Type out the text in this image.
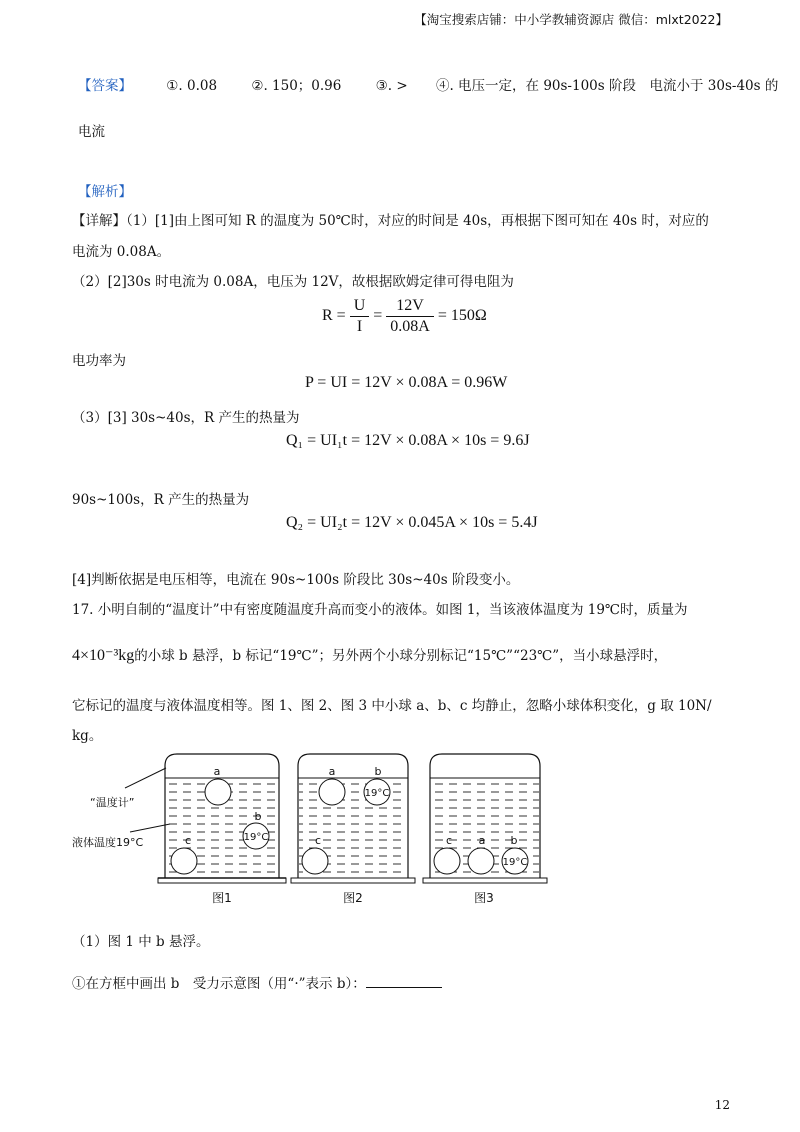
【淘宝搜索店铺：中小学教辅资源店 微信：mlxt2022】
【答案】	①. 0.08	②. 150；0.96	③. > ④. 电压一定，在 90s-100s 阶段　电流小于 30s-40s 的
电流
【解析】
【详解】（1）[1]由上图可知 R 的温度为 50℃时，对应的时间是 40s，再根据下图可知在 40s 时，对应的
电流为 0.08A。
（2）[2]30s 时电流为 0.08A，电压为 12V，故根据欧姆定律可得电阻为
$R = \frac{U}{I} = \frac{12V}{0.08A} = 150\Omega$
电功率为
P = UI = 12V × 0.08A = 0.96W
（3）[3] 30s~40s，R 产生的热量为
Q₁ = UI₁t = 12V × 0.08A × 10s = 9.6J
90s~100s，R 产生的热量为
Q₂ = UI₂t = 12V × 0.045A × 10s = 5.4J
[4]判断依据是电压相等，电流在 90s~100s 阶段比 30s~40s 阶段变小。
17. 小明自制的“温度计”中有密度随温度升高而变小的液体。如图 1，当该液体温度为 19℃时，质量为
4×10⁻³kg的小球 b 悬浮，b 标记“19℃”；另外两个小球分别标记“15℃”“23℃”，当小球悬浮时，
它标记的温度与液体温度相等。图 1、图 2、图 3 中小球 a、b、c 均静止，忽略小球体积变化，g 取 10N/
kg。
a
b
19°C
c
“温度计”
液体温度19°C
图1
a	b
19°C
c
图2
c a b
19°C
图3
（1）图 1 中 b 悬浮。
①在方框中画出 b　受力示意图（用“·”表示 b）：
12
